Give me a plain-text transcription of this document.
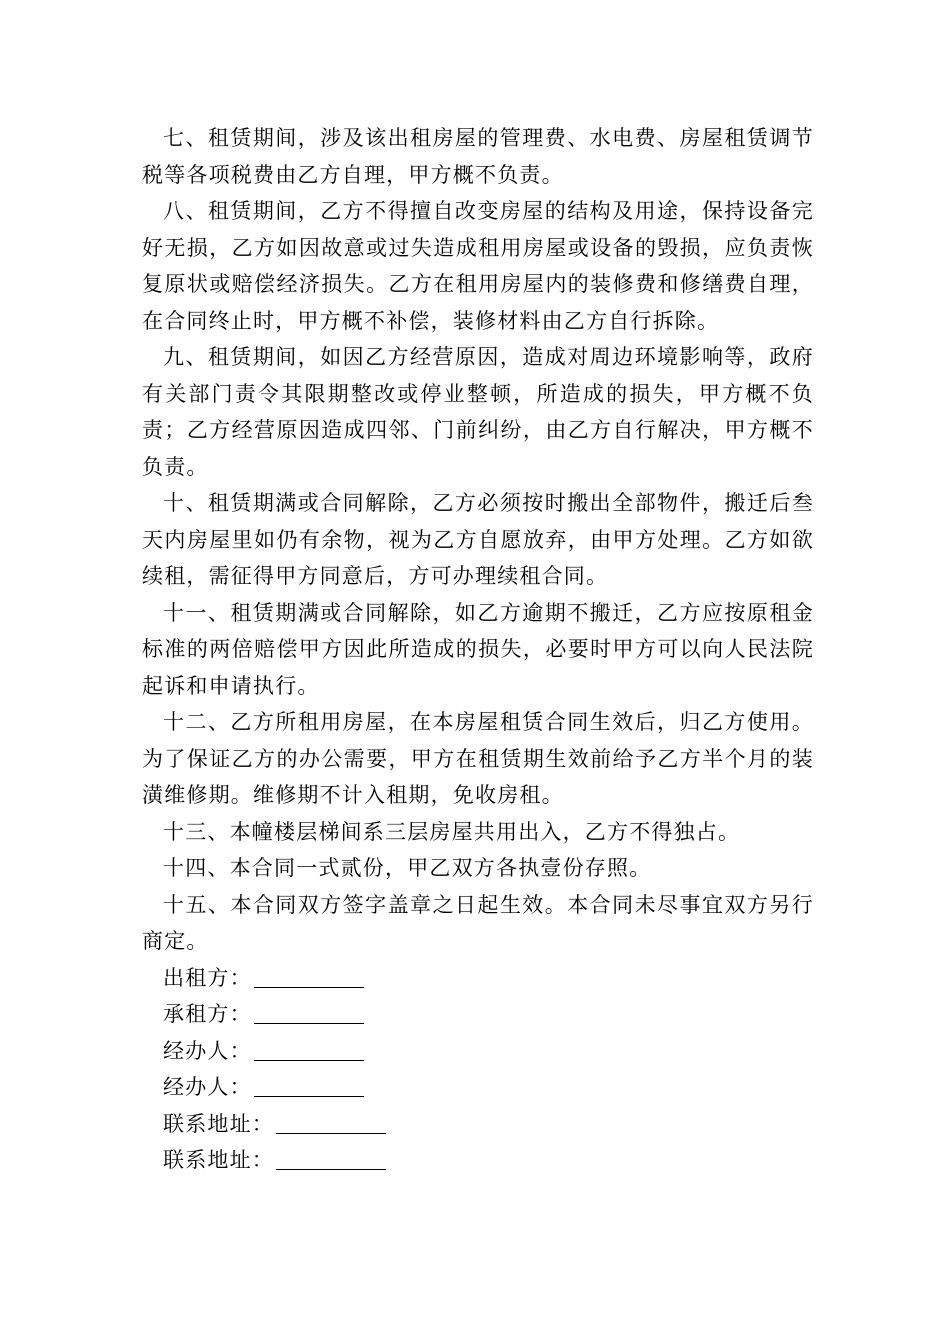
七、租赁期间，涉及该出租房屋的管理费、水电费、房屋租赁调节税等各项税费由乙方自理，甲方概不负责。

八、租赁期间，乙方不得擅自改变房屋的结构及用途，保持设备完好无损，乙方如因故意或过失造成租用房屋或设备的毁损，应负责恢复原状或赔偿经济损失。乙方在租用房屋内的装修费和修缮费自理，在合同终止时，甲方概不补偿，装修材料由乙方自行拆除。

九、租赁期间，如因乙方经营原因，造成对周边环境影响等，政府有关部门责令其限期整改或停业整顿，所造成的损失，甲方概不负责；乙方经营原因造成四邻、门前纠纷，由乙方自行解决，甲方概不负责。

十、租赁期满或合同解除，乙方必须按时搬出全部物件，搬迁后叁天内房屋里如仍有余物，视为乙方自愿放弃，由甲方处理。乙方如欲续租，需征得甲方同意后，方可办理续租合同。

十一、租赁期满或合同解除，如乙方逾期不搬迁，乙方应按原租金标准的两倍赔偿甲方因此所造成的损失，必要时甲方可以向人民法院起诉和申请执行。

十二、乙方所租用房屋，在本房屋租赁合同生效后，归乙方使用。为了保证乙方的办公需要，甲方在租赁期生效前给予乙方半个月的装潢维修期。维修期不计入租期，免收房租。

十三、本幢楼层梯间系三层房屋共用出入，乙方不得独占。

十四、本合同一式贰份，甲乙双方各执壹份存照。

十五、本合同双方签字盖章之日起生效。本合同未尽事宜双方另行商定。

出租方：
承租方：
经办人：
经办人：
联系地址：
联系地址：
